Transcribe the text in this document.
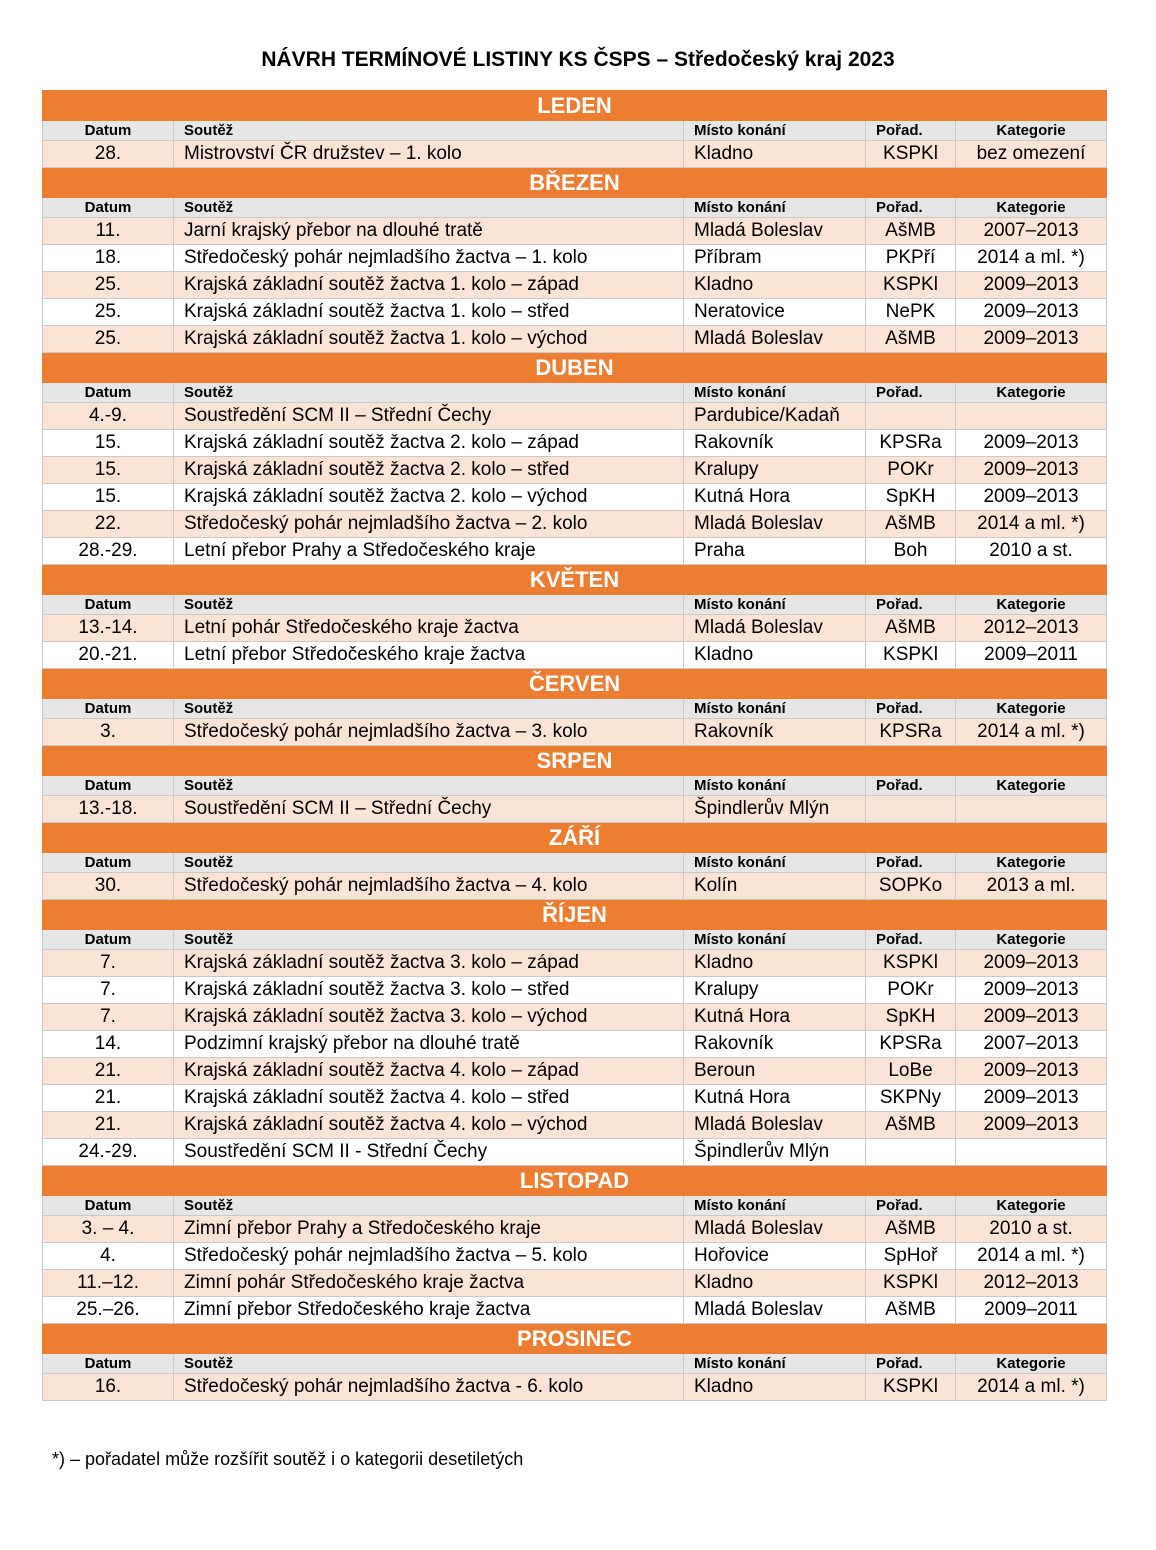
NÁVRH TERMÍNOVÉ LISTINY KS ČSPS – Středočeský kraj 2023
LEDEN				
Datum	Soutěž	Místo konání	Pořad.	Kategorie
28.	Mistrovství ČR družstev – 1. kolo	Kladno	KSPKl	bez omezení
BŘEZEN				
Datum	Soutěž	Místo konání	Pořad.	Kategorie
11.	Jarní krajský přebor na dlouhé tratě	Mladá Boleslav	AšMB	2007–2013
18.	Středočeský pohár nejmladšího žactva – 1. kolo	Příbram	PKPří	2014 a ml. *)
25.	Krajská základní soutěž žactva 1. kolo – západ	Kladno	KSPKl	2009–2013
25.	Krajská základní soutěž žactva 1. kolo – střed	Neratovice	NePK	2009–2013
25.	Krajská základní soutěž žactva 1. kolo – východ	Mladá Boleslav	AšMB	2009–2013
DUBEN				
Datum	Soutěž	Místo konání	Pořad.	Kategorie
4.-9.	Soustředění SCM II – Střední Čechy	Pardubice/Kadaň		
15.	Krajská základní soutěž žactva 2. kolo – západ	Rakovník	KPSRa	2009–2013
15.	Krajská základní soutěž žactva 2. kolo – střed	Kralupy	POKr	2009–2013
15.	Krajská základní soutěž žactva 2. kolo – východ	Kutná Hora	SpKH	2009–2013
22.	Středočeský pohár nejmladšího žactva – 2. kolo	Mladá Boleslav	AšMB	2014 a ml. *)
28.-29.	Letní přebor Prahy a Středočeského kraje	Praha	Boh	2010 a st.
KVĚTEN				
Datum	Soutěž	Místo konání	Pořad.	Kategorie
13.-14.	Letní pohár Středočeského kraje žactva	Mladá Boleslav	AšMB	2012–2013
20.-21.	Letní přebor Středočeského kraje žactva	Kladno	KSPKl	2009–2011
ČERVEN				
Datum	Soutěž	Místo konání	Pořad.	Kategorie
3.	Středočeský pohár nejmladšího žactva – 3. kolo	Rakovník	KPSRa	2014 a ml. *)
SRPEN				
Datum	Soutěž	Místo konání	Pořad.	Kategorie
13.-18.	Soustředění SCM II – Střední Čechy	Špindlerův Mlýn		
ZÁŘÍ				
Datum	Soutěž	Místo konání	Pořad.	Kategorie
30.	Středočeský pohár nejmladšího žactva – 4. kolo	Kolín	SOPKo	2013 a ml.
ŘÍJEN				
Datum	Soutěž	Místo konání	Pořad.	Kategorie
7.	Krajská základní soutěž žactva 3. kolo – západ	Kladno	KSPKl	2009–2013
7.	Krajská základní soutěž žactva 3. kolo – střed	Kralupy	POKr	2009–2013
7.	Krajská základní soutěž žactva 3. kolo – východ	Kutná Hora	SpKH	2009–2013
14.	Podzimní krajský přebor na dlouhé tratě	Rakovník	KPSRa	2007–2013
21.	Krajská základní soutěž žactva 4. kolo – západ	Beroun	LoBe	2009–2013
21.	Krajská základní soutěž žactva 4. kolo – střed	Kutná Hora	SKPNy	2009–2013
21.	Krajská základní soutěž žactva 4. kolo – východ	Mladá Boleslav	AšMB	2009–2013
24.-29.	Soustředění SCM II - Střední Čechy	Špindlerův Mlýn		
LISTOPAD				
Datum	Soutěž	Místo konání	Pořad.	Kategorie
3. – 4.	Zimní přebor Prahy a Středočeského kraje	Mladá Boleslav	AšMB	2010 a st.
4.	Středočeský pohár nejmladšího žactva – 5. kolo	Hořovice	SpHoř	2014 a ml. *)
11.–12.	Zimní pohár Středočeského kraje žactva	Kladno	KSPKl	2012–2013
25.–26.	Zimní přebor Středočeského kraje žactva	Mladá Boleslav	AšMB	2009–2011
PROSINEC				
Datum	Soutěž	Místo konání	Pořad.	Kategorie
16.	Středočeský pohár nejmladšího žactva - 6. kolo	Kladno	KSPKl	2014 a ml. *)
*) – pořadatel může rozšířit soutěž i o kategorii desetiletých
